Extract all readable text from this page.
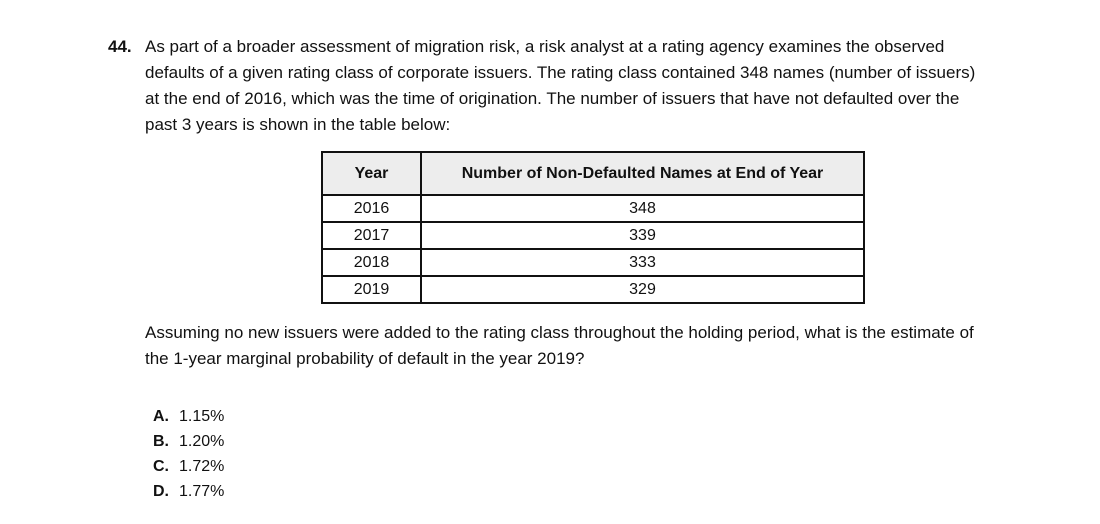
44. As part of a broader assessment of migration risk, a risk analyst at a rating agency examines the observed
defaults of a given rating class of corporate issuers. The rating class contained 348 names (number of issuers)
at the end of 2016, which was the time of origination. The number of issuers that have not defaulted over the
past 3 years is shown in the table below:

Year	Number of Non-Defaulted Names at End of Year
2016	348
2017	339
2018	333
2019	329

Assuming no new issuers were added to the rating class throughout the holding period, what is the estimate of
the 1-year marginal probability of default in the year 2019?

A. 1.15%
B. 1.20%
C. 1.72%
D. 1.77%
